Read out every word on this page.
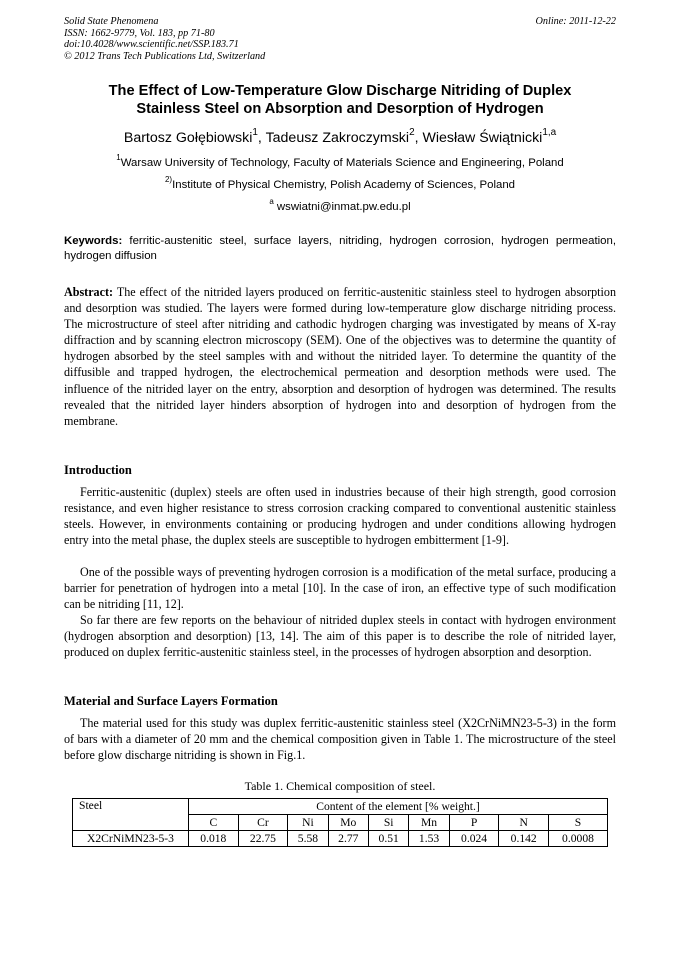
Solid State Phenomena
ISSN: 1662-9779, Vol. 183, pp 71-80
doi:10.4028/www.scientific.net/SSP.183.71
© 2012 Trans Tech Publications Ltd, Switzerland
Online: 2011-12-22
The Effect of Low-Temperature Glow Discharge Nitriding of Duplex
Stainless Steel on Absorption and Desorption of Hydrogen
Bartosz Gołębiowski$^1$, Tadeusz Zakroczymski$^2$, Wiesław Świątnicki$^{1,a}$
$^1$Warsaw University of Technology, Faculty of Materials Science and Engineering, Poland
$^{2)}$Institute of Physical Chemistry, Polish Academy of Sciences, Poland
$^a$ wswiatni@inmat.pw.edu.pl
Keywords: ferritic-austenitic steel, surface layers, nitriding, hydrogen corrosion, hydrogen permeation, hydrogen diffusion
Abstract: The effect of the nitrided layers produced on ferritic-austenitic stainless steel to hydrogen absorption and desorption was studied. The layers were formed during low-temperature glow discharge nitriding process. The microstructure of steel after nitriding and cathodic hydrogen charging was investigated by means of X-ray diffraction and by scanning electron microscopy (SEM). One of the objectives was to determine the quantity of hydrogen absorbed by the steel samples with and without the nitrided layer. To determine the quantity of the diffusible and trapped hydrogen, the electrochemical permeation and desorption methods were used. The influence of the nitrided layer on the entry, absorption and desorption of hydrogen was determined. The results revealed that the nitrided layer hinders absorption of hydrogen into and desorption of hydrogen from the membrane.
Introduction
Ferritic-austenitic (duplex) steels are often used in industries because of their high strength, good corrosion resistance, and even higher resistance to stress corrosion cracking compared to conventional austenitic stainless steels. However, in environments containing or producing hydrogen and under conditions allowing hydrogen entry into the metal phase, the duplex steels are susceptible to hydrogen embitterment [1-9].
One of the possible ways of preventing hydrogen corrosion is a modification of the metal surface, producing a barrier for penetration of hydrogen into a metal [10]. In the case of iron, an effective type of such modification can be nitriding [11, 12].
So far there are few reports on the behaviour of nitrided duplex steels in contact with hydrogen environment (hydrogen absorption and desorption) [13, 14]. The aim of this paper is to describe the role of nitrided layer, produced on duplex ferritic-austenitic stainless steel, in the processes of hydrogen absorption and desorption.
Material and Surface Layers Formation
The material used for this study was duplex ferritic-austenitic stainless steel (X2CrNiMN23-5-3) in the form of bars with a diameter of 20 mm and the chemical composition given in Table 1. The microstructure of the steel before glow discharge nitriding is shown in Fig.1.
Table 1. Chemical composition of steel.
Steel	Content of the element [% weight.]								
	C	Cr	Ni	Mo	Si	Mn	P	N	S
X2CrNiMN23-5-3	0.018	22.75	5.58	2.77	0.51	1.53	0.024	0.142	0.0008
